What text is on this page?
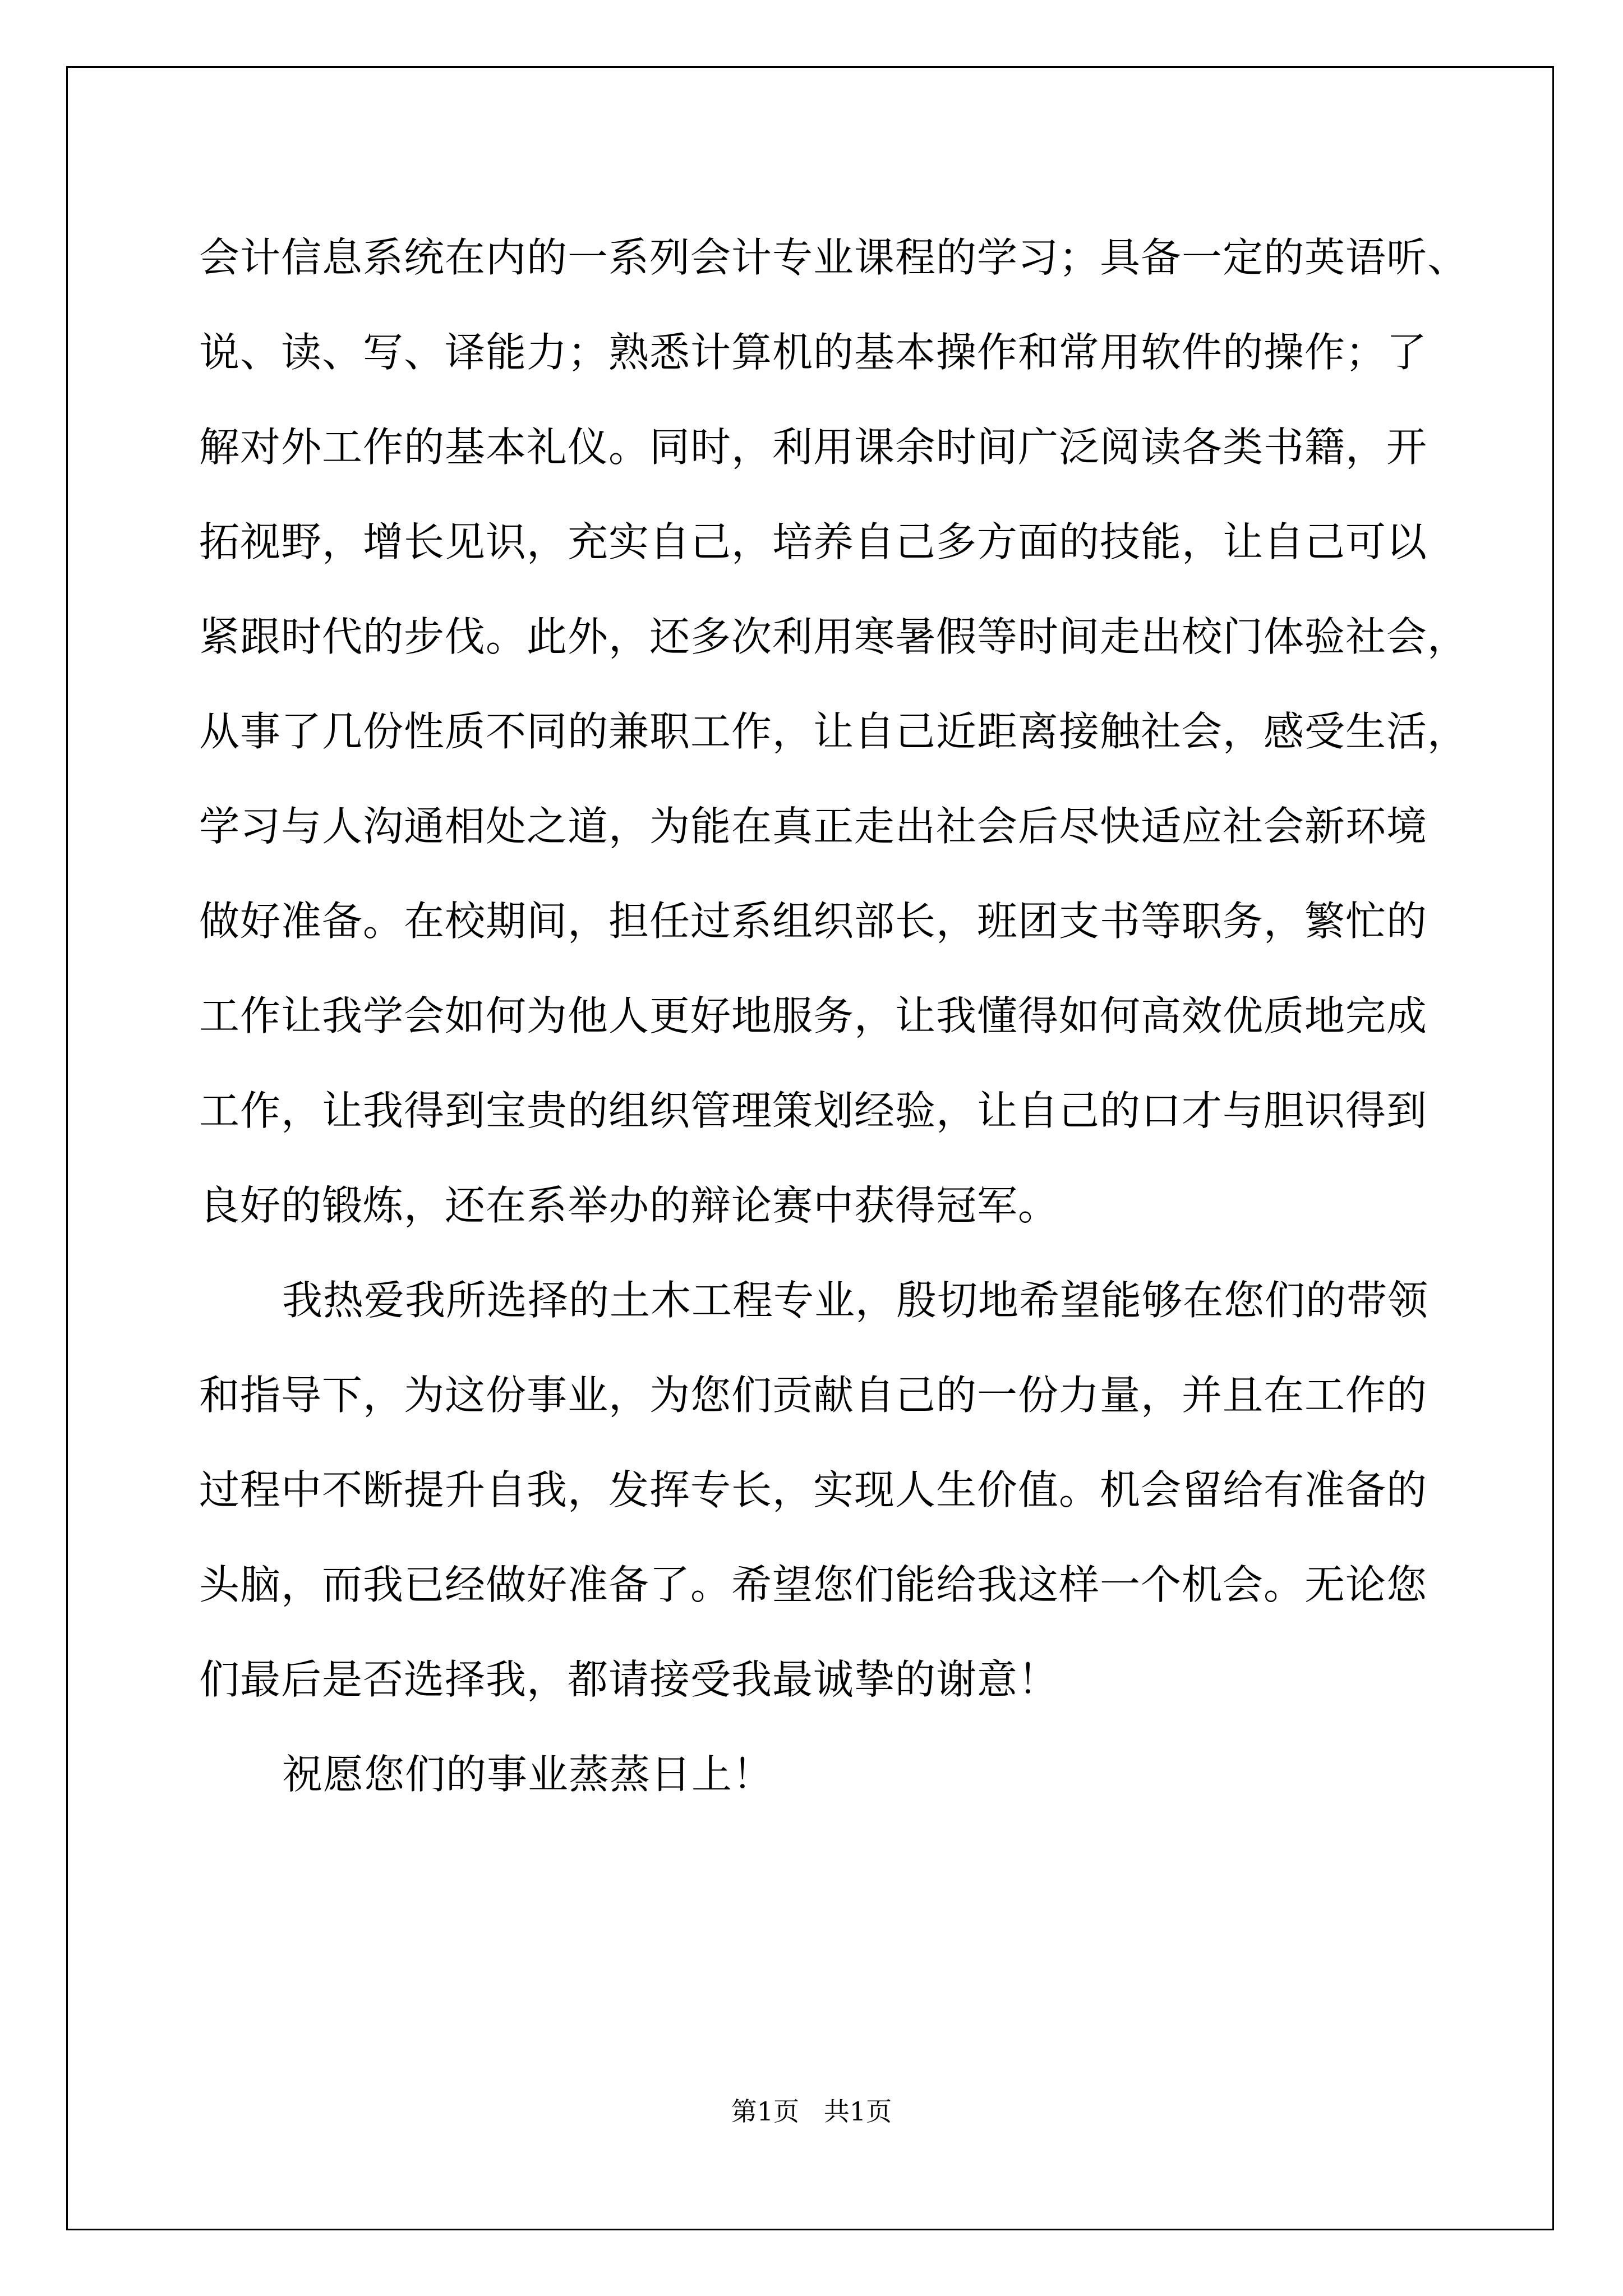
会计信息系统在内的一系列会计专业课程的学习；具备一定的英语听、

说、读、写、译能力；熟悉计算机的基本操作和常用软件的操作；了

解对外工作的基本礼仪。同时，利用课余时间广泛阅读各类书籍，开

拓视野，增长见识，充实自己，培养自己多方面的技能，让自己可以

紧跟时代的步伐。此外，还多次利用寒暑假等时间走出校门体验社会，

从事了几份性质不同的兼职工作，让自己近距离接触社会，感受生活，

学习与人沟通相处之道，为能在真正走出社会后尽快适应社会新环境

做好准备。在校期间，担任过系组织部长，班团支书等职务，繁忙的

工作让我学会如何为他人更好地服务，让我懂得如何高效优质地完成

工作，让我得到宝贵的组织管理策划经验，让自己的口才与胆识得到

良好的锻炼，还在系举办的辩论赛中获得冠军。

我热爱我所选择的土木工程专业，殷切地希望能够在您们的带领

和指导下，为这份事业，为您们贡献自己的一份力量，并且在工作的

过程中不断提升自我，发挥专长，实现人生价值。机会留给有准备的

头脑，而我已经做好准备了。希望您们能给我这样一个机会。无论您

们最后是否选择我，都请接受我最诚挚的谢意！

祝愿您们的事业蒸蒸日上！

第1页   共1页
